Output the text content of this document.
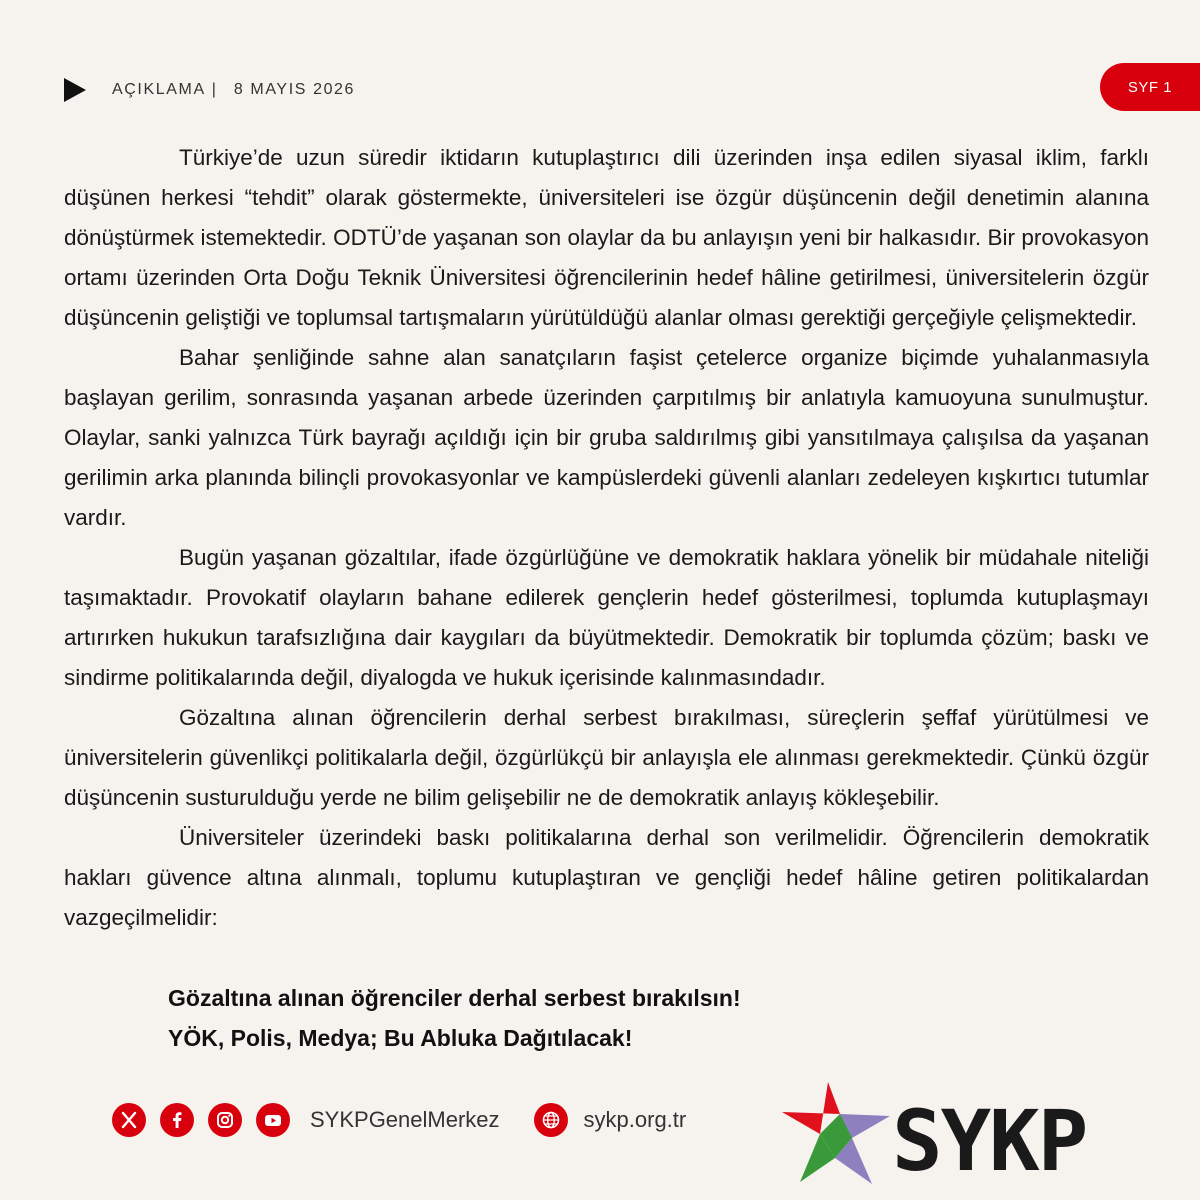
AÇIKLAMA | 8 MAYIS 2026	SYF 1

Türkiye’de uzun süredir iktidarın kutuplaştırıcı dili üzerinden inşa edilen siyasal iklim, farklı düşünen herkesi “tehdit” olarak göstermekte, üniversiteleri ise özgür düşüncenin değil denetimin alanına dönüştürmek istemektedir. ODTÜ’de yaşanan son olaylar da bu anlayışın yeni bir halkasıdır. Bir provokasyon ortamı üzerinden Orta Doğu Teknik Üniversitesi öğrencilerinin hedef hâline getirilmesi, üniversitelerin özgür düşüncenin geliştiği ve toplumsal tartışmaların yürütüldüğü alanlar olması gerektiği gerçeğiyle çelişmektedir.

Bahar şenliğinde sahne alan sanatçıların faşist çetelerce organize biçimde yuhalanmasıyla başlayan gerilim, sonrasında yaşanan arbede üzerinden çarpıtılmış bir anlatıyla kamuoyuna sunulmuştur. Olaylar, sanki yalnızca Türk bayrağı açıldığı için bir gruba saldırılmış gibi yansıtılmaya çalışılsa da yaşanan gerilimin arka planında bilinçli provokasyonlar ve kampüslerdeki güvenli alanları zedeleyen kışkırtıcı tutumlar vardır.

Bugün yaşanan gözaltılar, ifade özgürlüğüne ve demokratik haklara yönelik bir müdahale niteliği taşımaktadır. Provokatif olayların bahane edilerek gençlerin hedef gösterilmesi, toplumda kutuplaşmayı artırırken hukukun tarafsızlığına dair kaygıları da büyütmektedir. Demokratik bir toplumda çözüm; baskı ve sindirme politikalarında değil, diyalogda ve hukuk içerisinde kalınmasındadır.

Gözaltına alınan öğrencilerin derhal serbest bırakılması, süreçlerin şeffaf yürütülmesi ve üniversitelerin güvenlikçi politikalarla değil, özgürlükçü bir anlayışla ele alınması gerekmektedir. Çünkü özgür düşüncenin susturulduğu yerde ne bilim gelişebilir ne de demokratik anlayış kökleşebilir.

Üniversiteler üzerindeki baskı politikalarına derhal son verilmelidir. Öğrencilerin demokratik hakları güvence altına alınmalı, toplumu kutuplaştıran ve gençliği hedef hâline getiren politikalardan vazgeçilmelidir:

Gözaltına alınan öğrenciler derhal serbest bırakılsın!
YÖK, Polis, Medya; Bu Abluka Dağıtılacak!
SYKPGenelMerkez	sykp.org.tr SYKP
